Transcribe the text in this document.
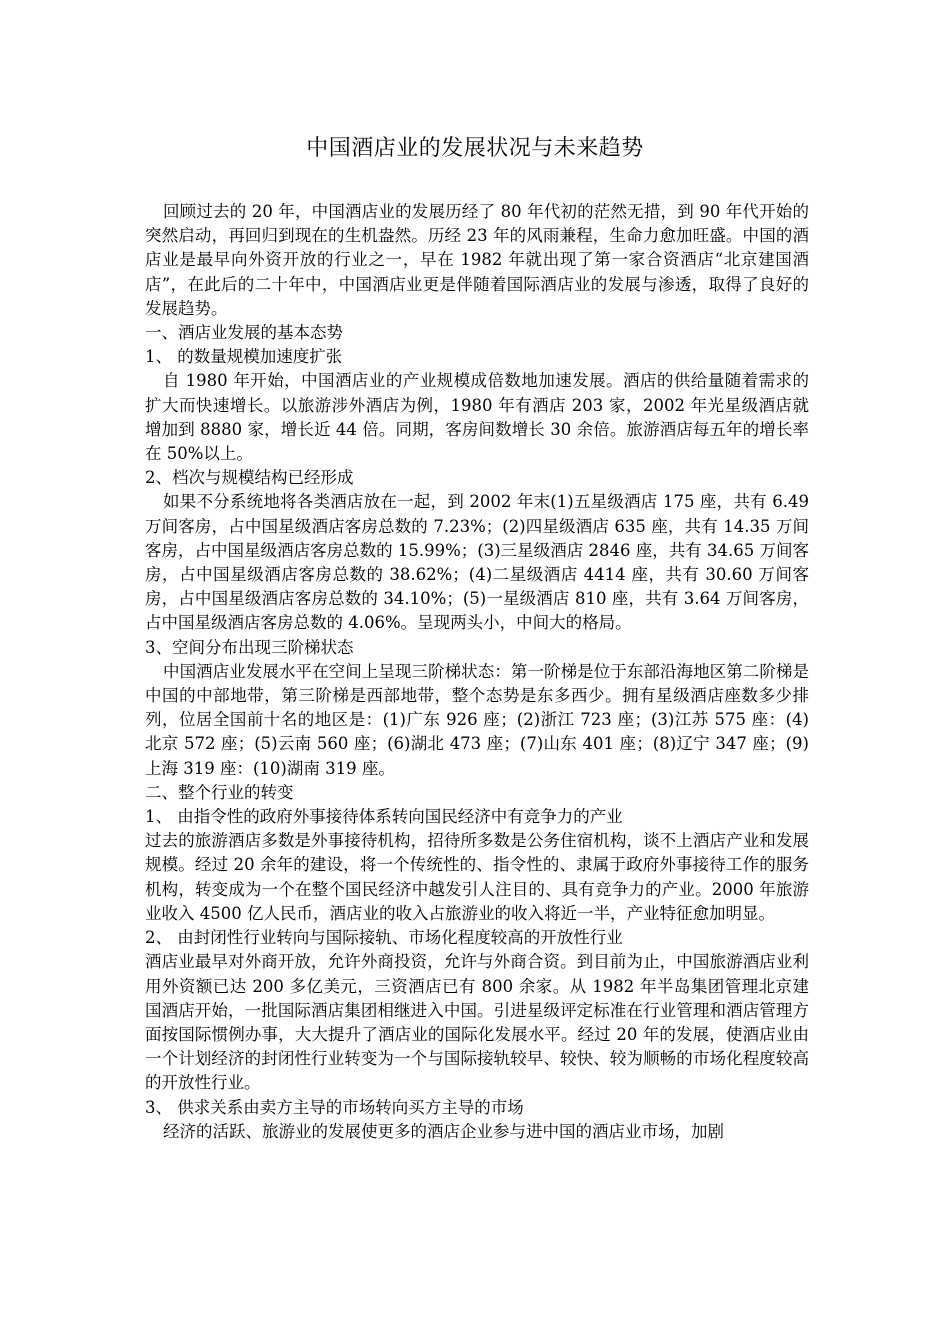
中国酒店业的发展状况与未来趋势

回顾过去的 20 年，中国酒店业的发展历经了 80 年代初的茫然无措，到 90 年代开始的突然启动，再回归到现在的生机盎然。历经 23 年的风雨兼程，生命力愈加旺盛。中国的酒店业是最早向外资开放的行业之一，早在 1982 年就出现了第一家合资酒店“北京建国酒店”，在此后的二十年中，中国酒店业更是伴随着国际酒店业的发展与渗透，取得了良好的发展趋势。

一、酒店业发展的基本态势

1、 的数量规模加速度扩张

自 1980 年开始，中国酒店业的产业规模成倍数地加速发展。酒店的供给量随着需求的扩大而快速增长。以旅游涉外酒店为例，1980 年有酒店 203 家，2002 年光星级酒店就增加到 8880 家，增长近 44 倍。同期，客房间数增长 30 余倍。旅游酒店每五年的增长率在 50%以上。

2、档次与规模结构已经形成

如果不分系统地将各类酒店放在一起，到 2002 年末(1)五星级酒店 175 座，共有 6.49 万间客房，占中国星级酒店客房总数的 7.23%；(2)四星级酒店 635 座，共有 14.35 万间客房，占中国星级酒店客房总数的 15.99%；(3)三星级酒店 2846 座，共有 34.65 万间客房，占中国星级酒店客房总数的 38.62%；(4)二星级酒店 4414 座，共有 30.60 万间客房，占中国星级酒店客房总数的 34.10%；(5)一星级酒店 810 座，共有 3.64 万间客房，占中国星级酒店客房总数的 4.06%。呈现两头小，中间大的格局。

3、空间分布出现三阶梯状态

中国酒店业发展水平在空间上呈现三阶梯状态：第一阶梯是位于东部沿海地区第二阶梯是中国的中部地带，第三阶梯是西部地带，整个态势是东多西少。拥有星级酒店座数多少排列，位居全国前十名的地区是：(1)广东 926 座；(2)浙江 723 座；(3)江苏 575 座：(4)北京 572 座；(5)云南 560 座；(6)湖北 473 座；(7)山东 401 座；(8)辽宁 347 座；(9)上海 319 座：(10)湖南 319 座。

二、整个行业的转变

1、 由指令性的政府外事接待体系转向国民经济中有竞争力的产业

过去的旅游酒店多数是外事接待机构，招待所多数是公务住宿机构，谈不上酒店产业和发展规模。经过 20 余年的建设，将一个传统性的、指令性的、隶属于政府外事接待工作的服务机构，转变成为一个在整个国民经济中越发引人注目的、具有竞争力的产业。2000 年旅游业收入 4500 亿人民币，酒店业的收入占旅游业的收入将近一半，产业特征愈加明显。

2、 由封闭性行业转向与国际接轨、市场化程度较高的开放性行业

酒店业最早对外商开放，允许外商投资，允许与外商合资。到目前为止，中国旅游酒店业利用外资额已达 200 多亿美元，三资酒店已有 800 余家。从 1982 年半岛集团管理北京建国酒店开始，一批国际酒店集团相继进入中国。引进星级评定标准在行业管理和酒店管理方面按国际惯例办事，大大提升了酒店业的国际化发展水平。经过 20 年的发展，使酒店业由一个计划经济的封闭性行业转变为一个与国际接轨较早、较快、较为顺畅的市场化程度较高的开放性行业。

3、 供求关系由卖方主导的市场转向买方主导的市场

经济的活跃、旅游业的发展使更多的酒店企业参与进中国的酒店业市场，加剧
